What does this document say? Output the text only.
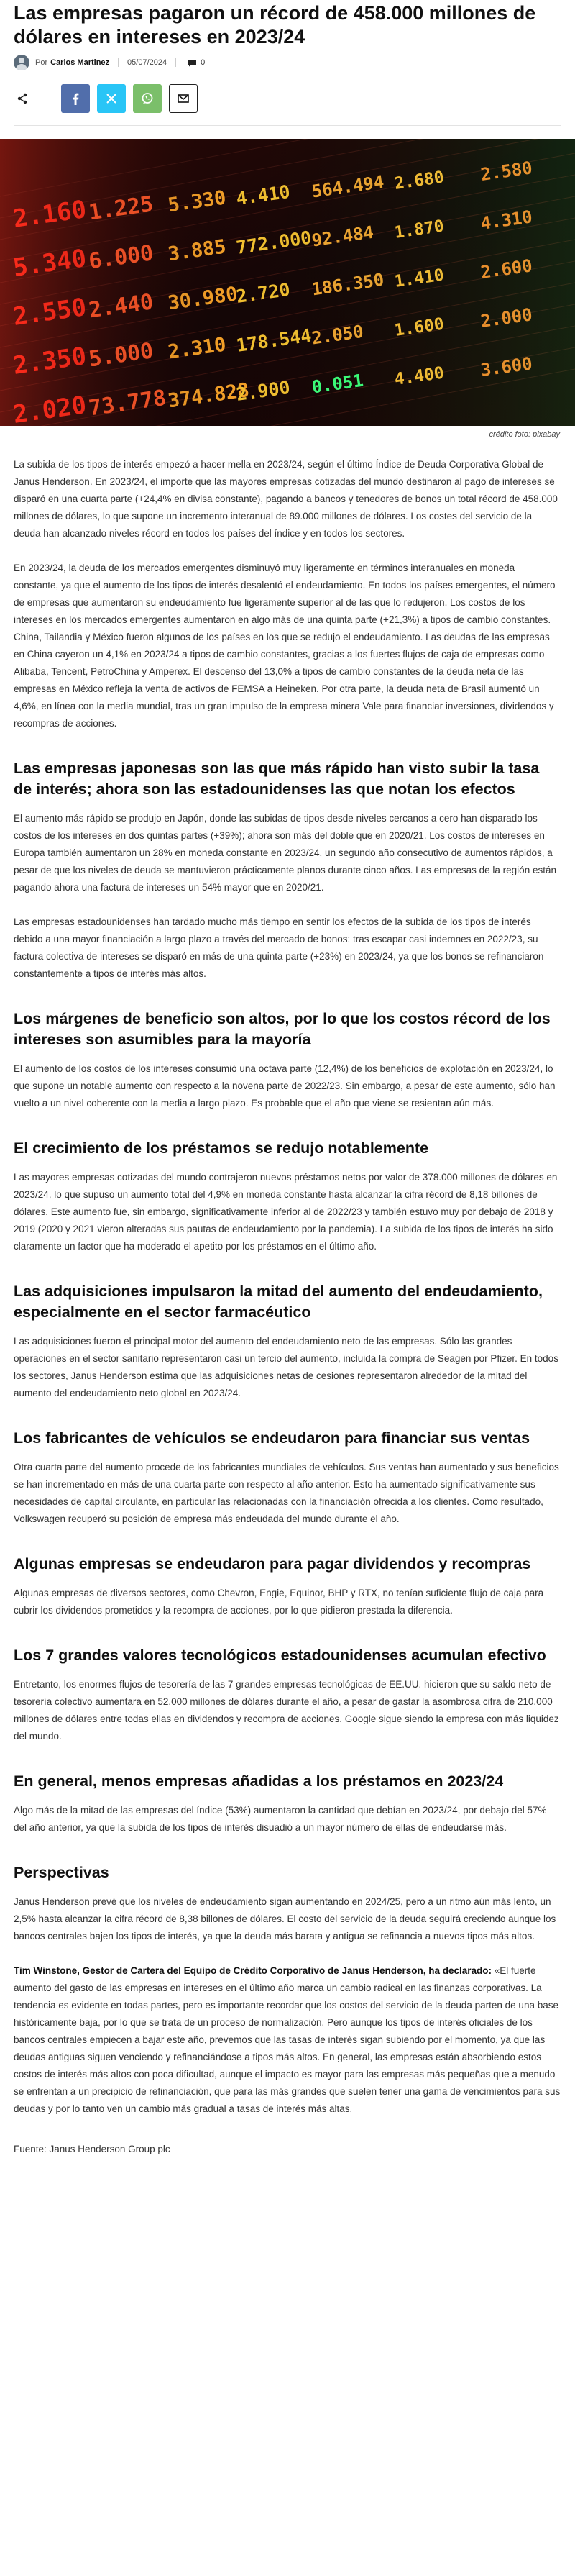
Las empresas pagaron un récord de 458.000 millones de dólares en intereses en 2023/24
Por Carlos Martinez 05/07/2024	0
crédito foto: pixabay

La subida de los tipos de interés empezó a hacer mella en 2023/24, según el último Índice de Deuda Corporativa Global de Janus Henderson. En 2023/24, el importe que las mayores empresas cotizadas del mundo destinaron al pago de intereses se disparó en una cuarta parte (+24,4% en divisa constante), pagando a bancos y tenedores de bonos un total récord de 458.000 millones de dólares, lo que supone un incremento interanual de 89.000 millones de dólares. Los costes del servicio de la deuda han alcanzado niveles récord en todos los países del índice y en todos los sectores.

En 2023/24, la deuda de los mercados emergentes disminuyó muy ligeramente en términos interanuales en moneda constante, ya que el aumento de los tipos de interés desalentó el endeudamiento. En todos los países emergentes, el número de empresas que aumentaron su endeudamiento fue ligeramente superior al de las que lo redujeron. Los costos de los intereses en los mercados emergentes aumentaron en algo más de una quinta parte (+21,3%) a tipos de cambio constantes. China, Tailandia y México fueron algunos de los países en los que se redujo el endeudamiento. Las deudas de las empresas en China cayeron un 4,1% en 2023/24 a tipos de cambio constantes, gracias a los fuertes flujos de caja de empresas como Alibaba, Tencent, PetroChina y Amperex. El descenso del 13,0% a tipos de cambio constantes de la deuda neta de las empresas en México refleja la venta de activos de FEMSA a Heineken. Por otra parte, la deuda neta de Brasil aumentó un 4,6%, en línea con la media mundial, tras un gran impulso de la empresa minera Vale para financiar inversiones, dividendos y recompras de acciones.

Las empresas japonesas son las que más rápido han visto subir la tasa de interés; ahora son las estadounidenses las que notan los efectos

El aumento más rápido se produjo en Japón, donde las subidas de tipos desde niveles cercanos a cero han disparado los costos de los intereses en dos quintas partes (+39%); ahora son más del doble que en 2020/21. Los costos de intereses en Europa también aumentaron un 28% en moneda constante en 2023/24, un segundo año consecutivo de aumentos rápidos, a pesar de que los niveles de deuda se mantuvieron prácticamente planos durante cinco años. Las empresas de la región están pagando ahora una factura de intereses un 54% mayor que en 2020/21.

Las empresas estadounidenses han tardado mucho más tiempo en sentir los efectos de la subida de los tipos de interés debido a una mayor financiación a largo plazo a través del mercado de bonos: tras escapar casi indemnes en 2022/23, su factura colectiva de intereses se disparó en más de una quinta parte (+23%) en 2023/24, ya que los bonos se refinanciaron constantemente a tipos de interés más altos.

Los márgenes de beneficio son altos, por lo que los costos récord de los intereses son asumibles para la mayoría

El aumento de los costos de los intereses consumió una octava parte (12,4%) de los beneficios de explotación en 2023/24, lo que supone un notable aumento con respecto a la novena parte de 2022/23. Sin embargo, a pesar de este aumento, sólo han vuelto a un nivel coherente con la media a largo plazo. Es probable que el año que viene se resientan aún más.

El crecimiento de los préstamos se redujo notablemente

Las mayores empresas cotizadas del mundo contrajeron nuevos préstamos netos por valor de 378.000 millones de dólares en 2023/24, lo que supuso un aumento total del 4,9% en moneda constante hasta alcanzar la cifra récord de 8,18 billones de dólares. Este aumento fue, sin embargo, significativamente inferior al de 2022/23 y también estuvo muy por debajo de 2018 y 2019 (2020 y 2021 vieron alteradas sus pautas de endeudamiento por la pandemia). La subida de los tipos de interés ha sido claramente un factor que ha moderado el apetito por los préstamos en el último año.

Las adquisiciones impulsaron la mitad del aumento del endeudamiento, especialmente en el sector farmacéutico

Las adquisiciones fueron el principal motor del aumento del endeudamiento neto de las empresas. Sólo las grandes operaciones en el sector sanitario representaron casi un tercio del aumento, incluida la compra de Seagen por Pfizer. En todos los sectores, Janus Henderson estima que las adquisiciones netas de cesiones representaron alrededor de la mitad del aumento del endeudamiento neto global en 2023/24.

Los fabricantes de vehículos se endeudaron para financiar sus ventas

Otra cuarta parte del aumento procede de los fabricantes mundiales de vehículos. Sus ventas han aumentado y sus beneficios se han incrementado en más de una cuarta parte con respecto al año anterior. Esto ha aumentado significativamente sus necesidades de capital circulante, en particular las relacionadas con la financiación ofrecida a los clientes. Como resultado, Volkswagen recuperó su posición de empresa más endeudada del mundo durante el año.

Algunas empresas se endeudaron para pagar dividendos y recompras

Algunas empresas de diversos sectores, como Chevron, Engie, Equinor, BHP y RTX, no tenían suficiente flujo de caja para cubrir los dividendos prometidos y la recompra de acciones, por lo que pidieron prestada la diferencia.

Los 7 grandes valores tecnológicos estadounidenses acumulan efectivo

Entretanto, los enormes flujos de tesorería de las 7 grandes empresas tecnológicas de EE.UU. hicieron que su saldo neto de tesorería colectivo aumentara en 52.000 millones de dólares durante el año, a pesar de gastar la asombrosa cifra de 210.000 millones de dólares entre todas ellas en dividendos y recompra de acciones. Google sigue siendo la empresa con más liquidez del mundo.

En general, menos empresas añadidas a los préstamos en 2023/24

Algo más de la mitad de las empresas del índice (53%) aumentaron la cantidad que debían en 2023/24, por debajo del 57% del año anterior, ya que la subida de los tipos de interés disuadió a un mayor número de ellas de endeudarse más.

Perspectivas

Janus Henderson prevé que los niveles de endeudamiento sigan aumentando en 2024/25, pero a un ritmo aún más lento, un 2,5% hasta alcanzar la cifra récord de 8,38 billones de dólares. El costo del servicio de la deuda seguirá creciendo aunque los bancos centrales bajen los tipos de interés, ya que la deuda más barata y antigua se refinancia a nuevos tipos más altos.

Tim Winstone, Gestor de Cartera del Equipo de Crédito Corporativo de Janus Henderson, ha declarado: «El fuerte aumento del gasto de las empresas en intereses en el último año marca un cambio radical en las finanzas corporativas. La tendencia es evidente en todas partes, pero es importante recordar que los costos del servicio de la deuda parten de una base históricamente baja, por lo que se trata de un proceso de normalización. Pero aunque los tipos de interés oficiales de los bancos centrales empiecen a bajar este año, prevemos que las tasas de interés sigan subiendo por el momento, ya que las deudas antiguas siguen venciendo y refinanciándose a tipos más altos. En general, las empresas están absorbiendo estos costos de interés más altos con poca dificultad, aunque el impacto es mayor para las empresas más pequeñas que a menudo se enfrentan a un precipicio de refinanciación, que para las más grandes que suelen tener una gama de vencimientos para sus deudas y por lo tanto ven un cambio más gradual a tasas de interés más altas.

Fuente: Janus Henderson Group plc
